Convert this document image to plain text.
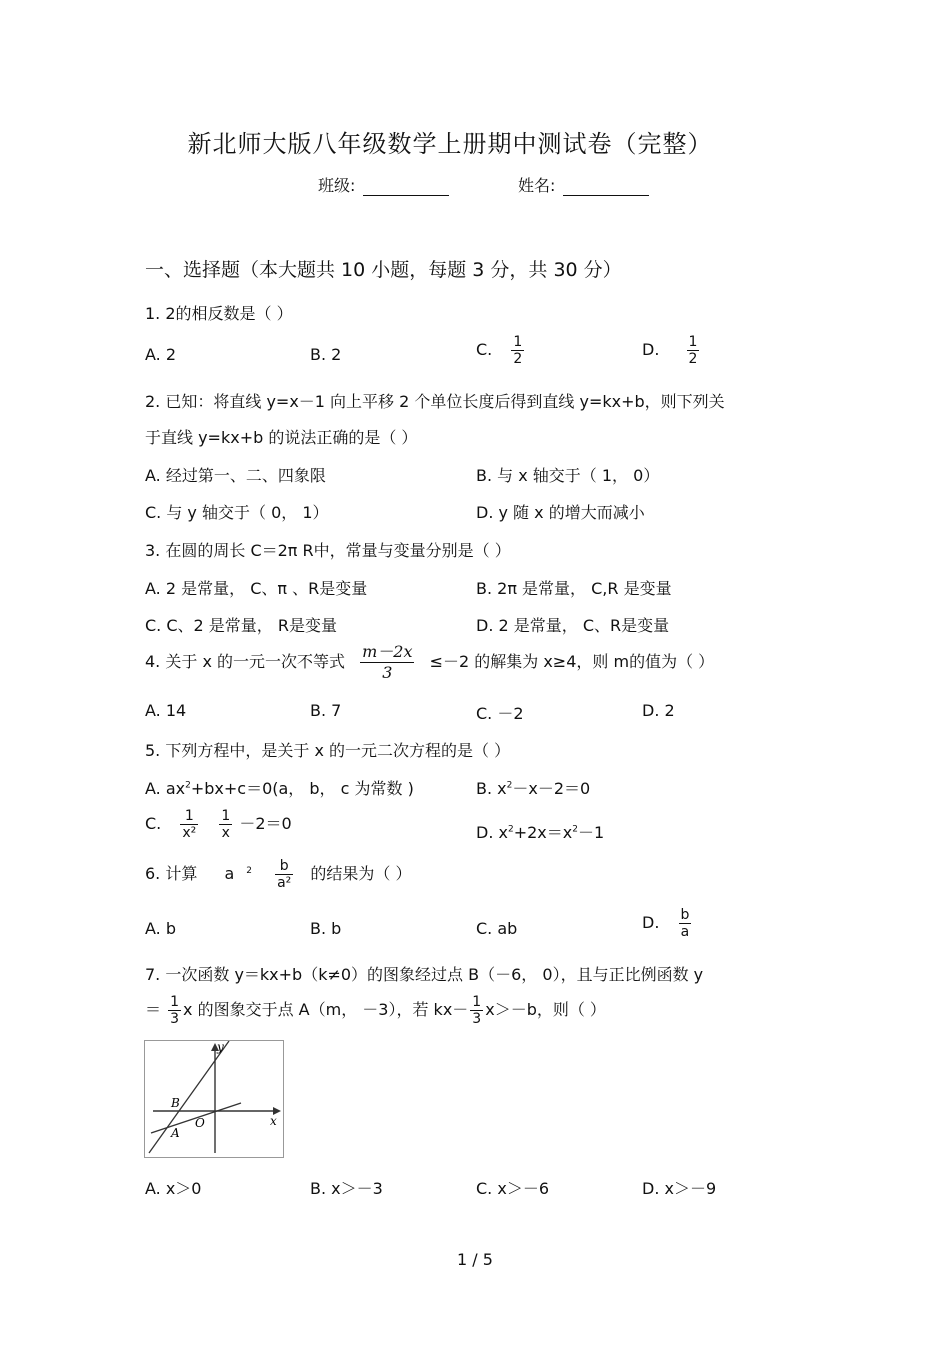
新北师大版八年级数学上册期中测试卷（完整）
班级:	姓名:
一、选择题（本大题共 10 小题，每题 3 分，共 30 分）
1. 2的相反数是（ ）
A. 2	B. 2	C. $\frac{1}{2}$	D. $\frac{1}{2}$
2. 已知：将直线 y=x－1 向上平移 2 个单位长度后得到直线 y=kx+b，则下列关
于直线 y=kx+b 的说法正确的是（ ）
A. 经过第一、二、四象限	B. 与 x 轴交于（ 1， 0）
C. 与 y 轴交于（ 0， 1）	D. y 随 x 的增大而减小
3. 在圆的周长 C＝2π R中，常量与变量分别是（ ）
A. 2 是常量， C、π 、R是变量	B. 2π 是常量， C,R 是变量
C. C、2 是常量， R是变量	D. 2 是常量， C、R是变量
4. 关于 x 的一元一次不等式 $\frac{m-2x}{3} \le-2$ 的解集为 x≥4，则 m的值为（ ）
A. 14	B. 7	C. －2	D. 2
5. 下列方程中，是关于 x 的一元二次方程的是（ ）
A. $ax^2+bx+c=0(a$， b， c 为常数 )	B. $x^2-x-2=0$
C. $\frac{1}{\text{x²}}$
$\frac{1}{x} -2=0$	D. $x^2+2x=x^2-1$
6. 计算 a $^2 \frac{b}{\text{a²}}$ 的结果为（ ）
A. b	B. b	C. ab	D. $\frac{b}{a}$
7. 一次函数 y＝kx+b（k≠0）的图象经过点 B（－6， 0），且与正比例函数 y
＝ $\frac{1}{3}$ x 的图象交于点 A（m， －3），若 $kx- \frac{1}{3} x>-b$，则（ ）
y
x
B
O
A
A. x＞0	B. x＞－3	C. x＞－6	D. x＞－9
1 / 5
